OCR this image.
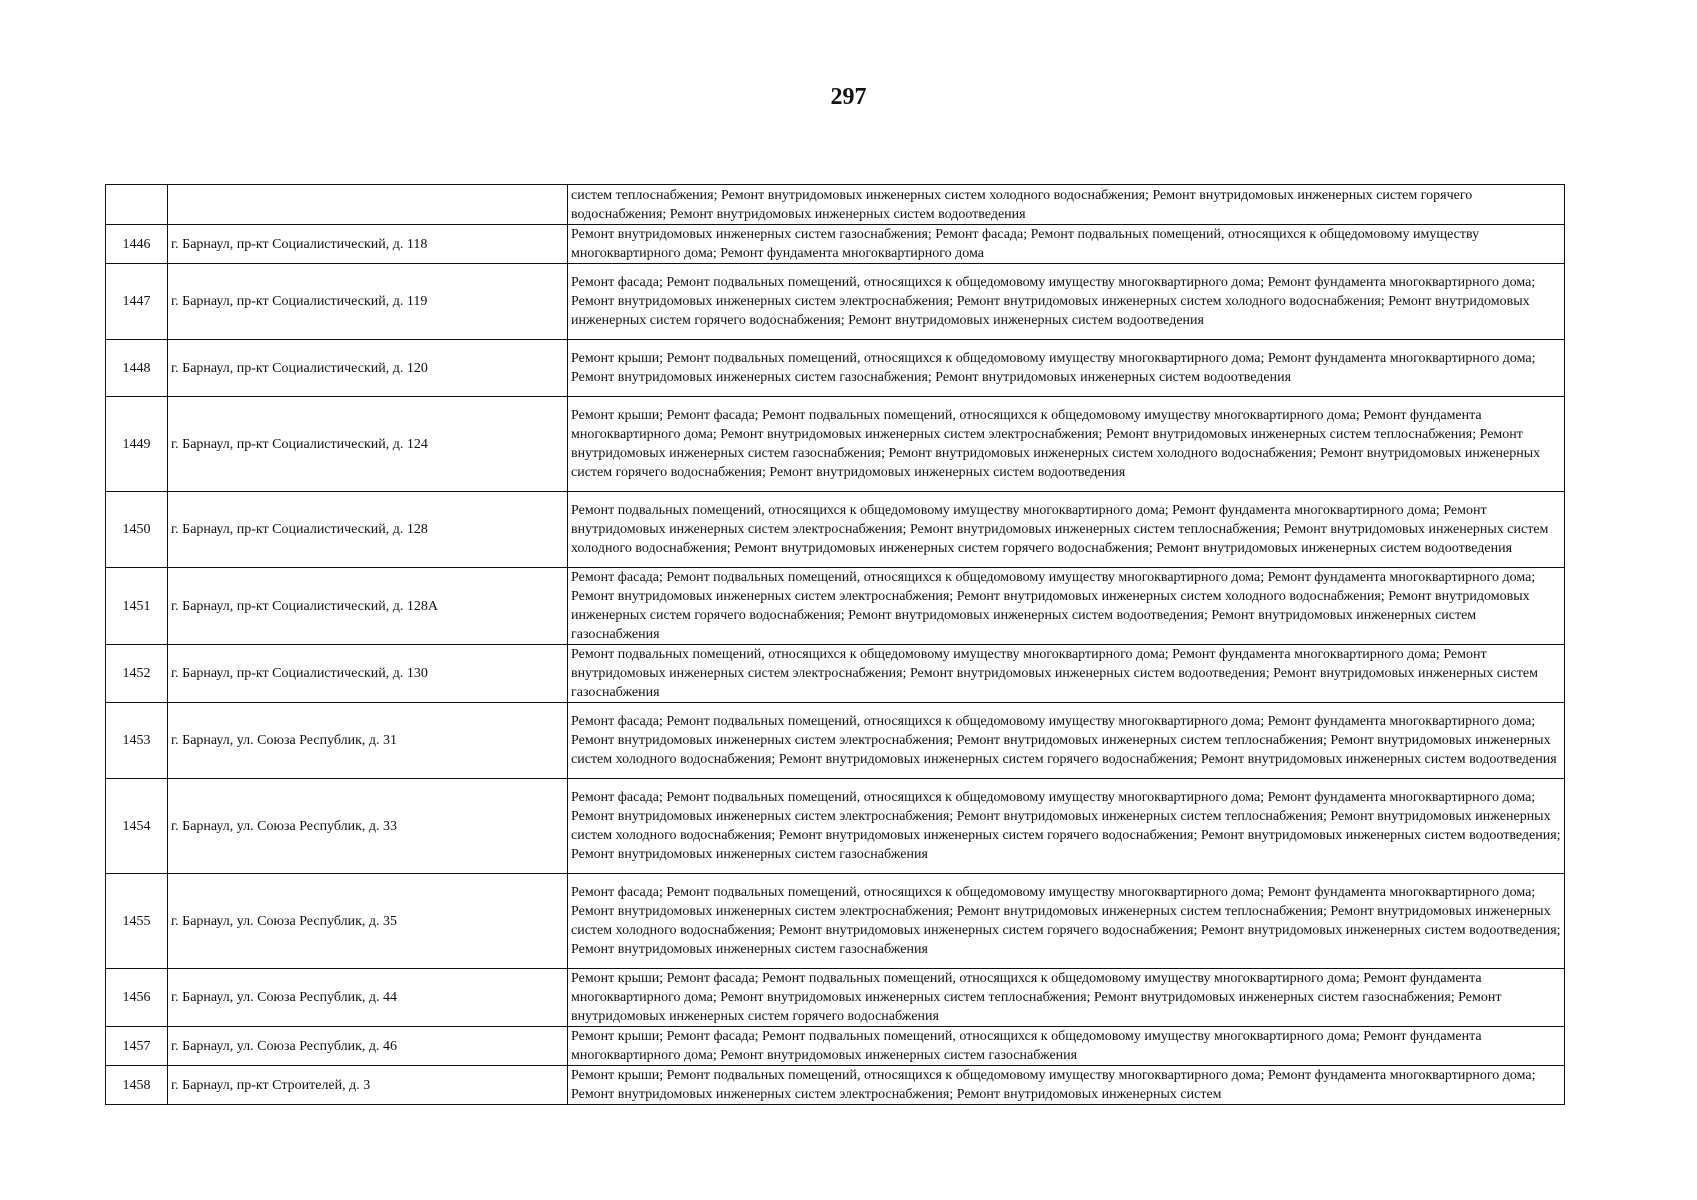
297
		систем теплоснабжения; Ремонт внутридомовых инженерных систем холодного водоснабжения; Ремонт внутридомовых инженерных систем горячего водоснабжения; Ремонт внутридомовых инженерных систем водоотведения
1446	г. Барнаул, пр-кт Социалистический, д. 118	Ремонт внутридомовых инженерных систем газоснабжения; Ремонт фасада; Ремонт подвальных помещений, относящихся к общедомовому имуществу многоквартирного дома; Ремонт фундамента многоквартирного дома
1447	г. Барнаул, пр-кт Социалистический, д. 119	Ремонт фасада; Ремонт подвальных помещений, относящихся к общедомовому имуществу многоквартирного дома; Ремонт фундамента многоквартирного дома; Ремонт внутридомовых инженерных систем электроснабжения; Ремонт внутридомовых инженерных систем холодного водоснабжения; Ремонт внутридомовых инженерных систем горячего водоснабжения; Ремонт внутридомовых инженерных систем водоотведения
1448	г. Барнаул, пр-кт Социалистический, д. 120	Ремонт крыши; Ремонт подвальных помещений, относящихся к общедомовому имуществу многоквартирного дома; Ремонт фундамента многоквартирного дома; Ремонт внутридомовых инженерных систем газоснабжения; Ремонт внутридомовых инженерных систем водоотведения
1449	г. Барнаул, пр-кт Социалистический, д. 124	Ремонт крыши; Ремонт фасада; Ремонт подвальных помещений, относящихся к общедомовому имуществу многоквартирного дома; Ремонт фундамента многоквартирного дома; Ремонт внутридомовых инженерных систем электроснабжения; Ремонт внутридомовых инженерных систем теплоснабжения; Ремонт внутридомовых инженерных систем газоснабжения; Ремонт внутридомовых инженерных систем холодного водоснабжения; Ремонт внутридомовых инженерных систем горячего водоснабжения; Ремонт внутридомовых инженерных систем водоотведения
1450	г. Барнаул, пр-кт Социалистический, д. 128	Ремонт подвальных помещений, относящихся к общедомовому имуществу многоквартирного дома; Ремонт фундамента многоквартирного дома; Ремонт внутридомовых инженерных систем электроснабжения; Ремонт внутридомовых инженерных систем теплоснабжения; Ремонт внутридомовых инженерных систем холодного водоснабжения; Ремонт внутридомовых инженерных систем горячего водоснабжения; Ремонт внутридомовых инженерных систем водоотведения
1451	г. Барнаул, пр-кт Социалистический, д. 128А	Ремонт фасада; Ремонт подвальных помещений, относящихся к общедомовому имуществу многоквартирного дома; Ремонт фундамента многоквартирного дома; Ремонт внутридомовых инженерных систем электроснабжения; Ремонт внутридомовых инженерных систем холодного водоснабжения; Ремонт внутридомовых инженерных систем горячего водоснабжения; Ремонт внутридомовых инженерных систем водоотведения; Ремонт внутридомовых инженерных систем газоснабжения
1452	г. Барнаул, пр-кт Социалистический, д. 130	Ремонт подвальных помещений, относящихся к общедомовому имуществу многоквартирного дома; Ремонт фундамента многоквартирного дома; Ремонт внутридомовых инженерных систем электроснабжения; Ремонт внутридомовых инженерных систем водоотведения; Ремонт внутридомовых инженерных систем газоснабжения
1453	г. Барнаул, ул. Союза Республик, д. 31	Ремонт фасада; Ремонт подвальных помещений, относящихся к общедомовому имуществу многоквартирного дома; Ремонт фундамента многоквартирного дома; Ремонт внутридомовых инженерных систем электроснабжения; Ремонт внутридомовых инженерных систем теплоснабжения; Ремонт внутридомовых инженерных систем холодного водоснабжения; Ремонт внутридомовых инженерных систем горячего водоснабжения; Ремонт внутридомовых инженерных систем водоотведения
1454	г. Барнаул, ул. Союза Республик, д. 33	Ремонт фасада; Ремонт подвальных помещений, относящихся к общедомовому имуществу многоквартирного дома; Ремонт фундамента многоквартирного дома; Ремонт внутридомовых инженерных систем электроснабжения; Ремонт внутридомовых инженерных систем теплоснабжения; Ремонт внутридомовых инженерных систем холодного водоснабжения; Ремонт внутридомовых инженерных систем горячего водоснабжения; Ремонт внутридомовых инженерных систем водоотведения; Ремонт внутридомовых инженерных систем газоснабжения
1455	г. Барнаул, ул. Союза Республик, д. 35	Ремонт фасада; Ремонт подвальных помещений, относящихся к общедомовому имуществу многоквартирного дома; Ремонт фундамента многоквартирного дома; Ремонт внутридомовых инженерных систем электроснабжения; Ремонт внутридомовых инженерных систем теплоснабжения; Ремонт внутридомовых инженерных систем холодного водоснабжения; Ремонт внутридомовых инженерных систем горячего водоснабжения; Ремонт внутридомовых инженерных систем водоотведения; Ремонт внутридомовых инженерных систем газоснабжения
1456	г. Барнаул, ул. Союза Республик, д. 44	Ремонт крыши; Ремонт фасада; Ремонт подвальных помещений, относящихся к общедомовому имуществу многоквартирного дома; Ремонт фундамента многоквартирного дома; Ремонт внутридомовых инженерных систем теплоснабжения; Ремонт внутридомовых инженерных систем газоснабжения; Ремонт внутридомовых инженерных систем горячего водоснабжения
1457	г. Барнаул, ул. Союза Республик, д. 46	Ремонт крыши; Ремонт фасада; Ремонт подвальных помещений, относящихся к общедомовому имуществу многоквартирного дома; Ремонт фундамента многоквартирного дома; Ремонт внутридомовых инженерных систем газоснабжения
1458	г. Барнаул, пр-кт Строителей, д. 3	Ремонт крыши; Ремонт подвальных помещений, относящихся к общедомовому имуществу многоквартирного дома; Ремонт фундамента многоквартирного дома; Ремонт внутридомовых инженерных систем электроснабжения; Ремонт внутридомовых инженерных систем
